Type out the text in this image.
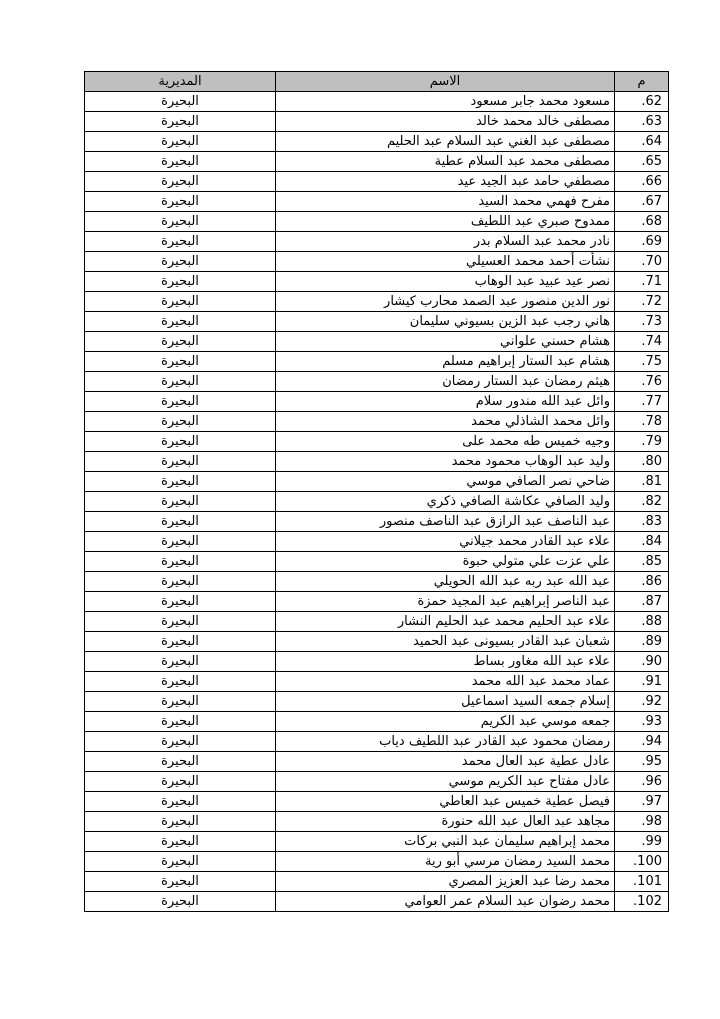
المديرية	الاسم	م
البحيرة	مسعود محمد جابر مسعود	62.
البحيرة	مصطفى خالد محمد خالد	63.
البحيرة	مصطفى عبد الغني عبد السلام عبد الحليم	64.
البحيرة	مصطفى محمد عبد السلام عطية	65.
البحيرة	مصطفي حامد عبد الجيد عيد	66.
البحيرة	مفرح فهمي محمد السيد	67.
البحيرة	ممدوح صبري عبد اللطيف	68.
البحيرة	نادر محمد عبد السلام بدر	69.
البحيرة	نشأت أحمد محمد العسيلي	70.
البحيرة	نصر عيد عبيد عبد الوهاب	71.
البحيرة	نور الدين منصور عبد الصمد محارب كيشار	72.
البحيرة	هاني رجب عبد الزين بسيوني سليمان	73.
البحيرة	هشام حسني علواني	74.
البحيرة	هشام عبد الستار إبراهيم مسلم	75.
البحيرة	هيثم رمضان عبد الستار رمضان	76.
البحيرة	وائل عبد الله مندور سلام	77.
البحيرة	وائل محمد الشاذلي محمد	78.
البحيرة	وجيه خميس طه محمد على	79.
البحيرة	وليد عبد الوهاب محمود محمد	80.
البحيرة	ضاحي نصر الصافي موسي	81.
البحيرة	وليد الصافي عكاشة الصافي ذكري	82.
البحيرة	عبد الناصف عبد الرازق عبد الناصف منصور	83.
البحيرة	علاء عبد القادر محمد جيلاني	84.
البحيرة	علي عزت علي متولي حبوة	85.
البحيرة	عبد الله عبد ربه عبد الله الحويلي	86.
البحيرة	عبد الناصر إبراهيم عبد المجيد حمزة	87.
البحيرة	علاء عبد الحليم محمد عبد الحليم النشار	88.
البحيرة	شعبان عبد القادر بسيونى عبد الحميد	89.
البحيرة	علاء عبد الله مغاور بساط	90.
البحيرة	عماد محمد عبد الله محمد	91.
البحيرة	إسلام جمعه السيد اسماعيل	92.
البحيرة	جمعه موسي عبد الكريم	93.
البحيرة	رمضان محمود عبد القادر عبد اللطيف دياب	94.
البحيرة	عادل عطية عبد العال محمد	95.
البحيرة	عادل مفتاح عبد الكريم موسي	96.
البحيرة	فيصل عطية خميس عبد العاطي	97.
البحيرة	مجاهد عبد العال عبد الله حنورة	98.
البحيرة	محمد إبراهيم سليمان عبد النبي بركات	99.
البحيرة	محمد السيد رمضان مرسي أبو رية	100.
البحيرة	محمد رضا عبد العزيز المصري	101.
البحيرة	محمد رضوان عبد السلام عمر العوامي	102.
